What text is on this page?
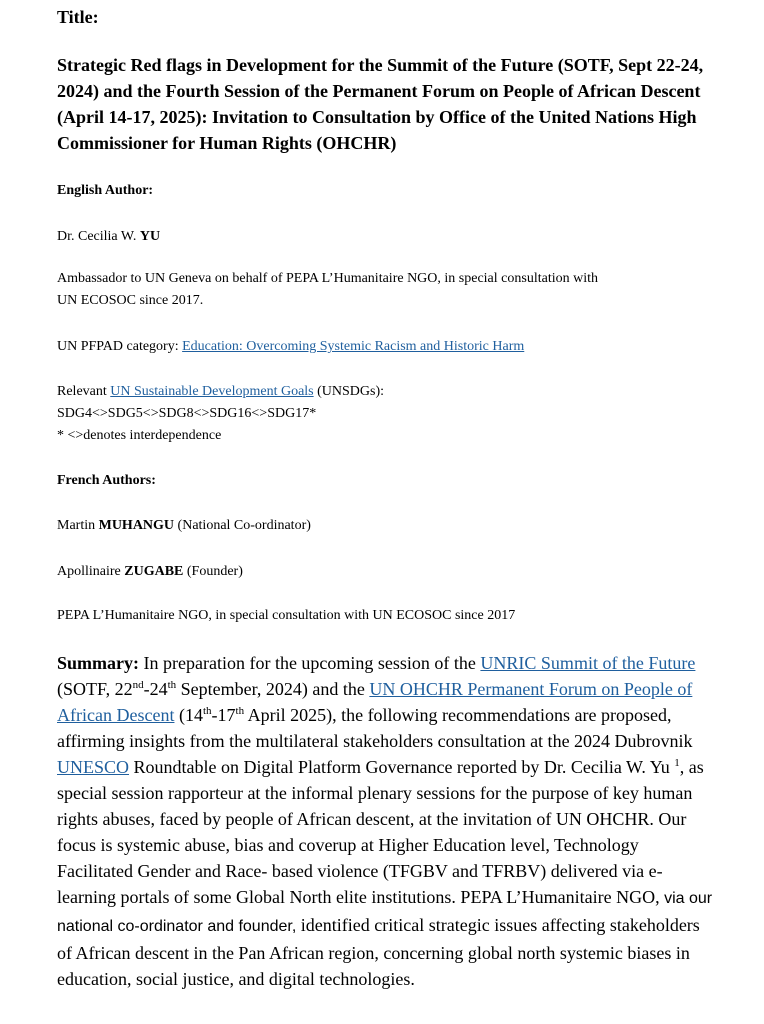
Title:
Strategic Red flags in Development for the Summit of the Future (SOTF, Sept 22-24, 2024) and the Fourth Session of the Permanent Forum on People of African Descent (April 14-17, 2025): Invitation to Consultation by Office of the United Nations High Commissioner for Human Rights (OHCHR)
English Author:
Dr. Cecilia W. YU
Ambassador to UN Geneva on behalf of PEPA L’Humanitaire NGO, in special consultation with
UN ECOSOC since 2017.
UN PFPAD category: Education: Overcoming Systemic Racism and Historic Harm
Relevant UN Sustainable Development Goals (UNSDGs):
SDG4<>SDG5<>SDG8<>SDG16<>SDG17*
* <>denotes interdependence
French Authors:
Martin MUHANGU (National Co-ordinator)
Apollinaire ZUGABE (Founder)
PEPA L’Humanitaire NGO, in special consultation with UN ECOSOC since 2017
Summary: In preparation for the upcoming session of the UNRIC Summit of the Future (SOTF, 22nd-24th September, 2024) and the UN OHCHR Permanent Forum on People of African Descent (14th-17th April 2025), the following recommendations are proposed, affirming insights from the multilateral stakeholders consultation at the 2024 Dubrovnik UNESCO Roundtable on Digital Platform Governance reported by Dr. Cecilia W. Yu $^1$, as special session rapporteur at the informal plenary sessions for the purpose of key human rights abuses, faced by people of African descent, at the invitation of UN OHCHR. Our focus is systemic abuse, bias and coverup at Higher Education level, Technology Facilitated Gender and Race- based violence (TFGBV and TFRBV) delivered via e-learning portals of some Global North elite institutions. PEPA L’Humanitaire NGO, via our national co-ordinator and founder, identified critical strategic issues affecting stakeholders of African descent in the Pan African region, concerning global north systemic biases in education, social justice, and digital technologies.
